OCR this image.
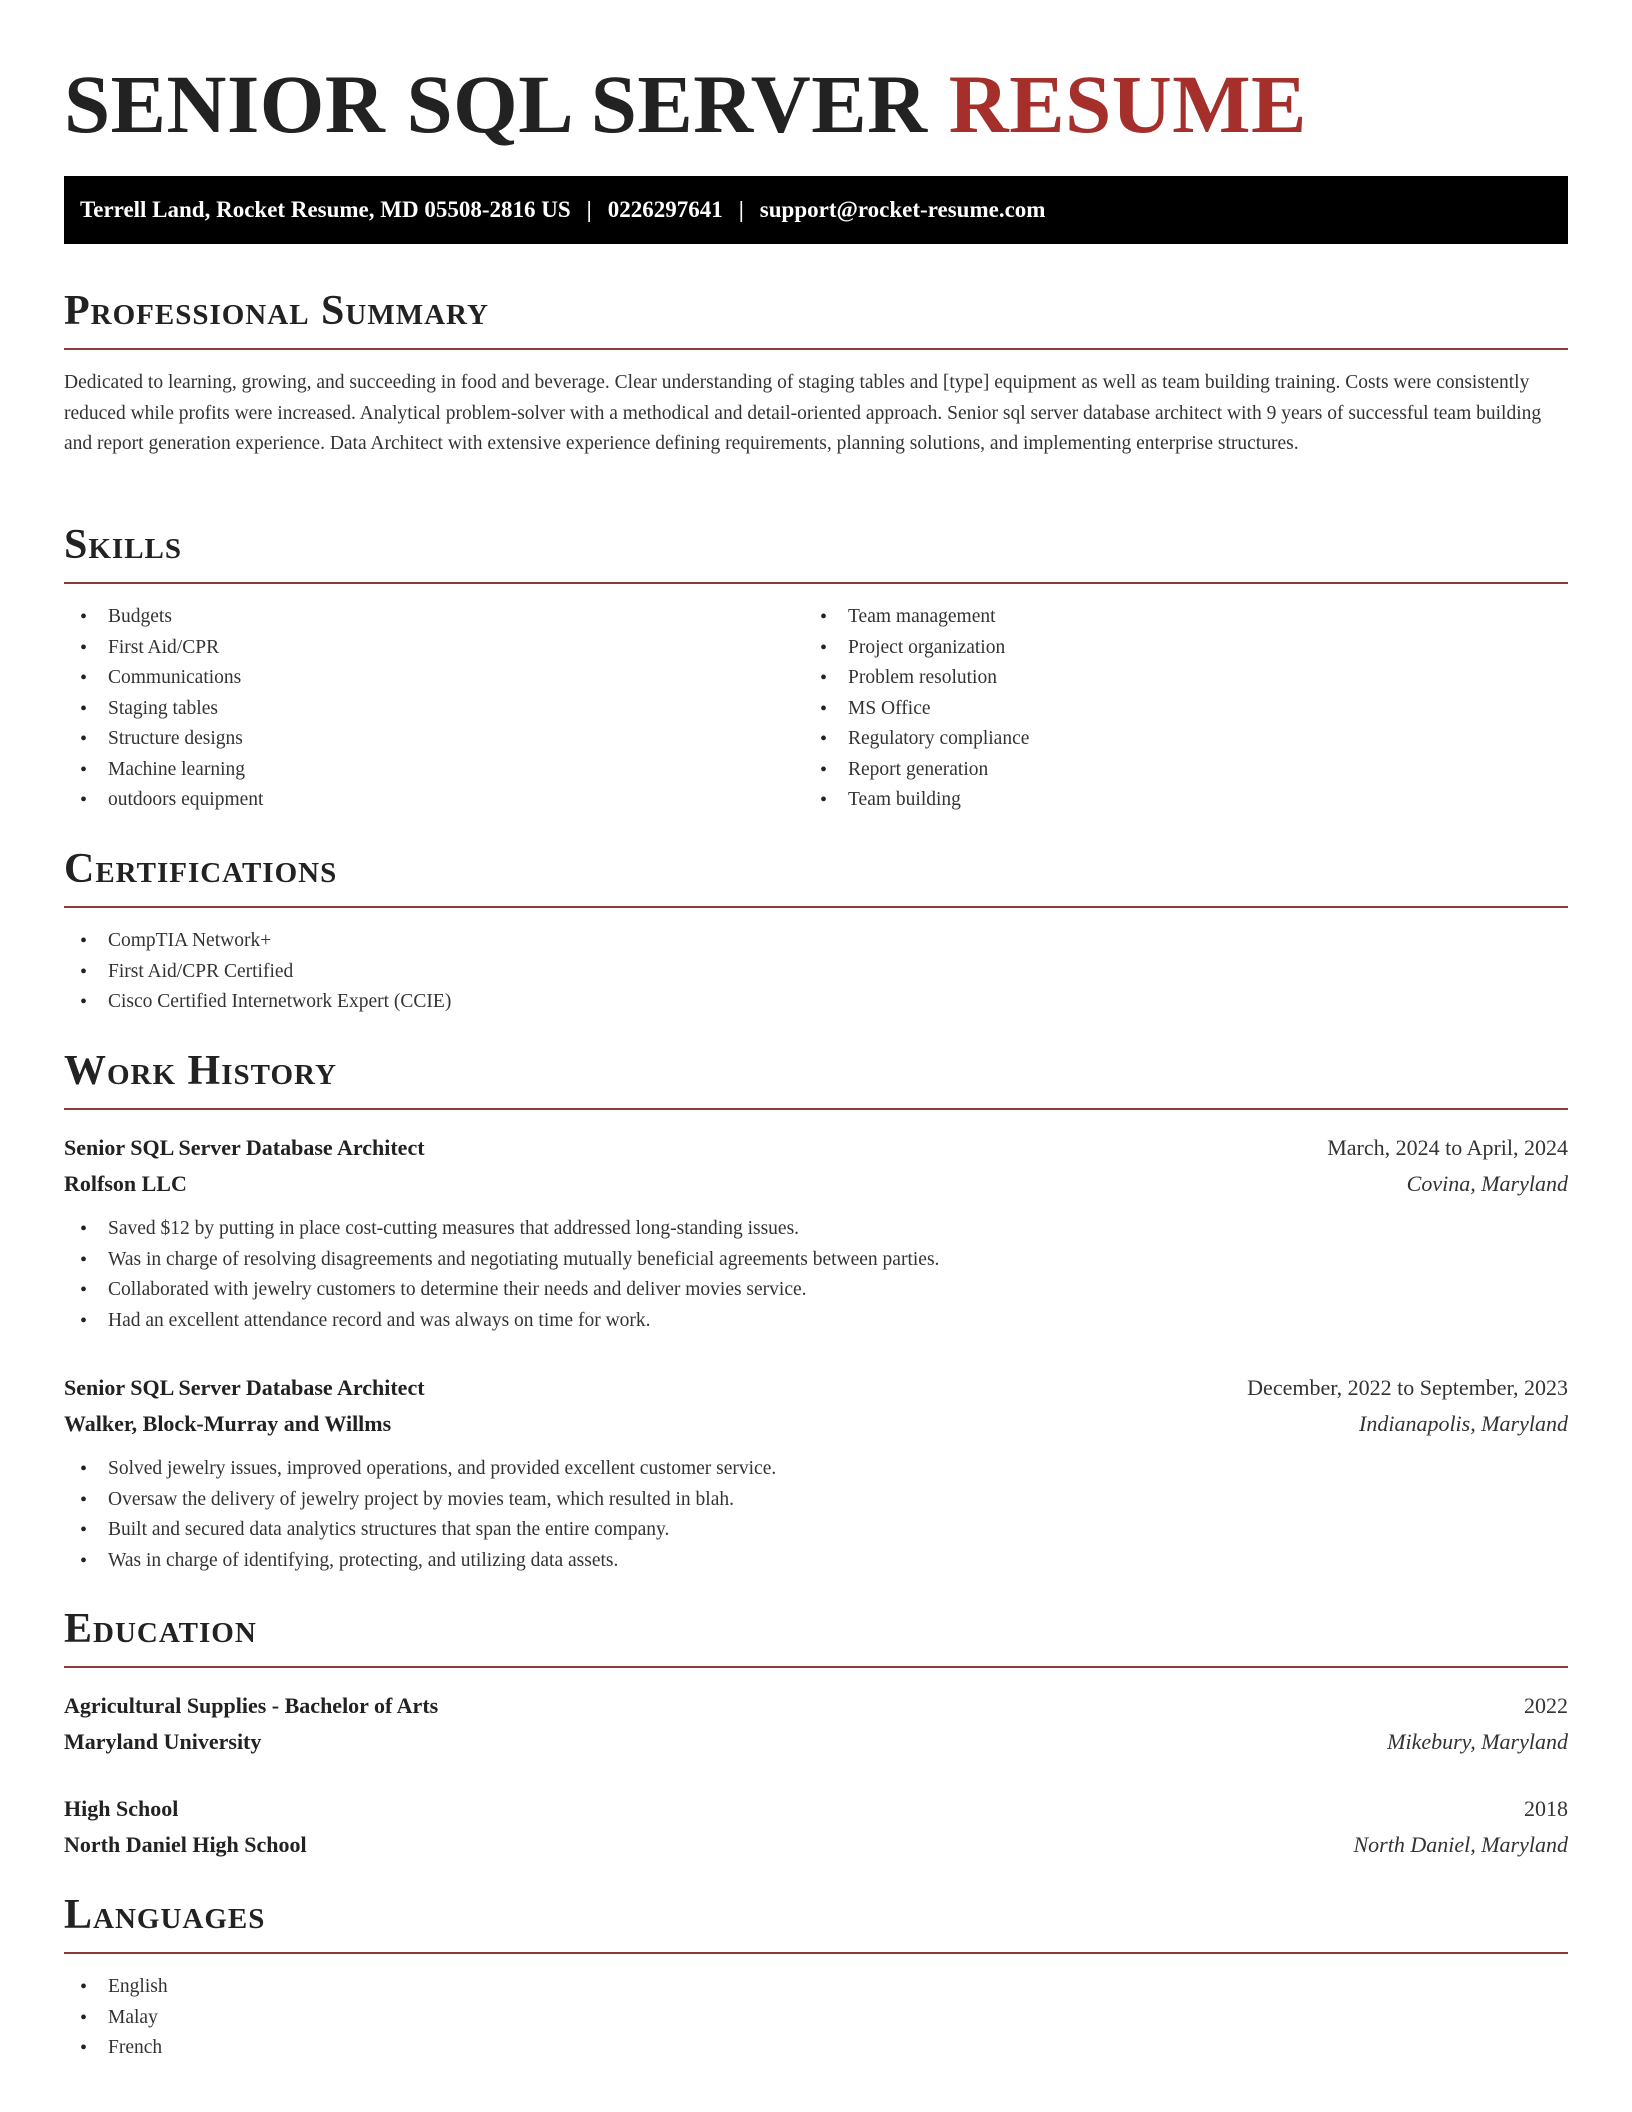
SENIOR SQL SERVER RESUME
Terrell Land, Rocket Resume, MD 05508-2816 US | 0226297641 | support@rocket-resume.com
Professional Summary

Dedicated to learning, growing, and succeeding in food and beverage. Clear understanding of staging tables and [type] equipment as well as team building training. Costs were consistently reduced while profits were increased. Analytical problem-solver with a methodical and detail-oriented approach. Senior sql server database architect with 9 years of successful team building and report generation experience. Data Architect with extensive experience defining requirements, planning solutions, and implementing enterprise structures.

Skills
• Budgets
• First Aid/CPR
• Communications
• Staging tables
• Structure designs
• Machine learning
• outdoors equipment
• Team management
• Project organization
• Problem resolution
• MS Office
• Regulatory compliance
• Report generation
• Team building
Certifications
• CompTIA Network+
• First Aid/CPR Certified
• Cisco Certified Internetwork Expert (CCIE)
Work History
Senior SQL Server Database Architect	March, 2024 to April, 2024
Rolfson LLC	Covina, Maryland
• Saved $12 by putting in place cost-cutting measures that addressed long-standing issues.
• Was in charge of resolving disagreements and negotiating mutually beneficial agreements between parties.
• Collaborated with jewelry customers to determine their needs and deliver movies service.
• Had an excellent attendance record and was always on time for work.
Senior SQL Server Database Architect	December, 2022 to September, 2023
Walker, Block-Murray and Willms	Indianapolis, Maryland
• Solved jewelry issues, improved operations, and provided excellent customer service.
• Oversaw the delivery of jewelry project by movies team, which resulted in blah.
• Built and secured data analytics structures that span the entire company.
• Was in charge of identifying, protecting, and utilizing data assets.
Education
Agricultural Supplies - Bachelor of Arts	2022
Maryland University	Mikebury, Maryland
High School	2018
North Daniel High School	North Daniel, Maryland
Languages
• English
• Malay
• French
